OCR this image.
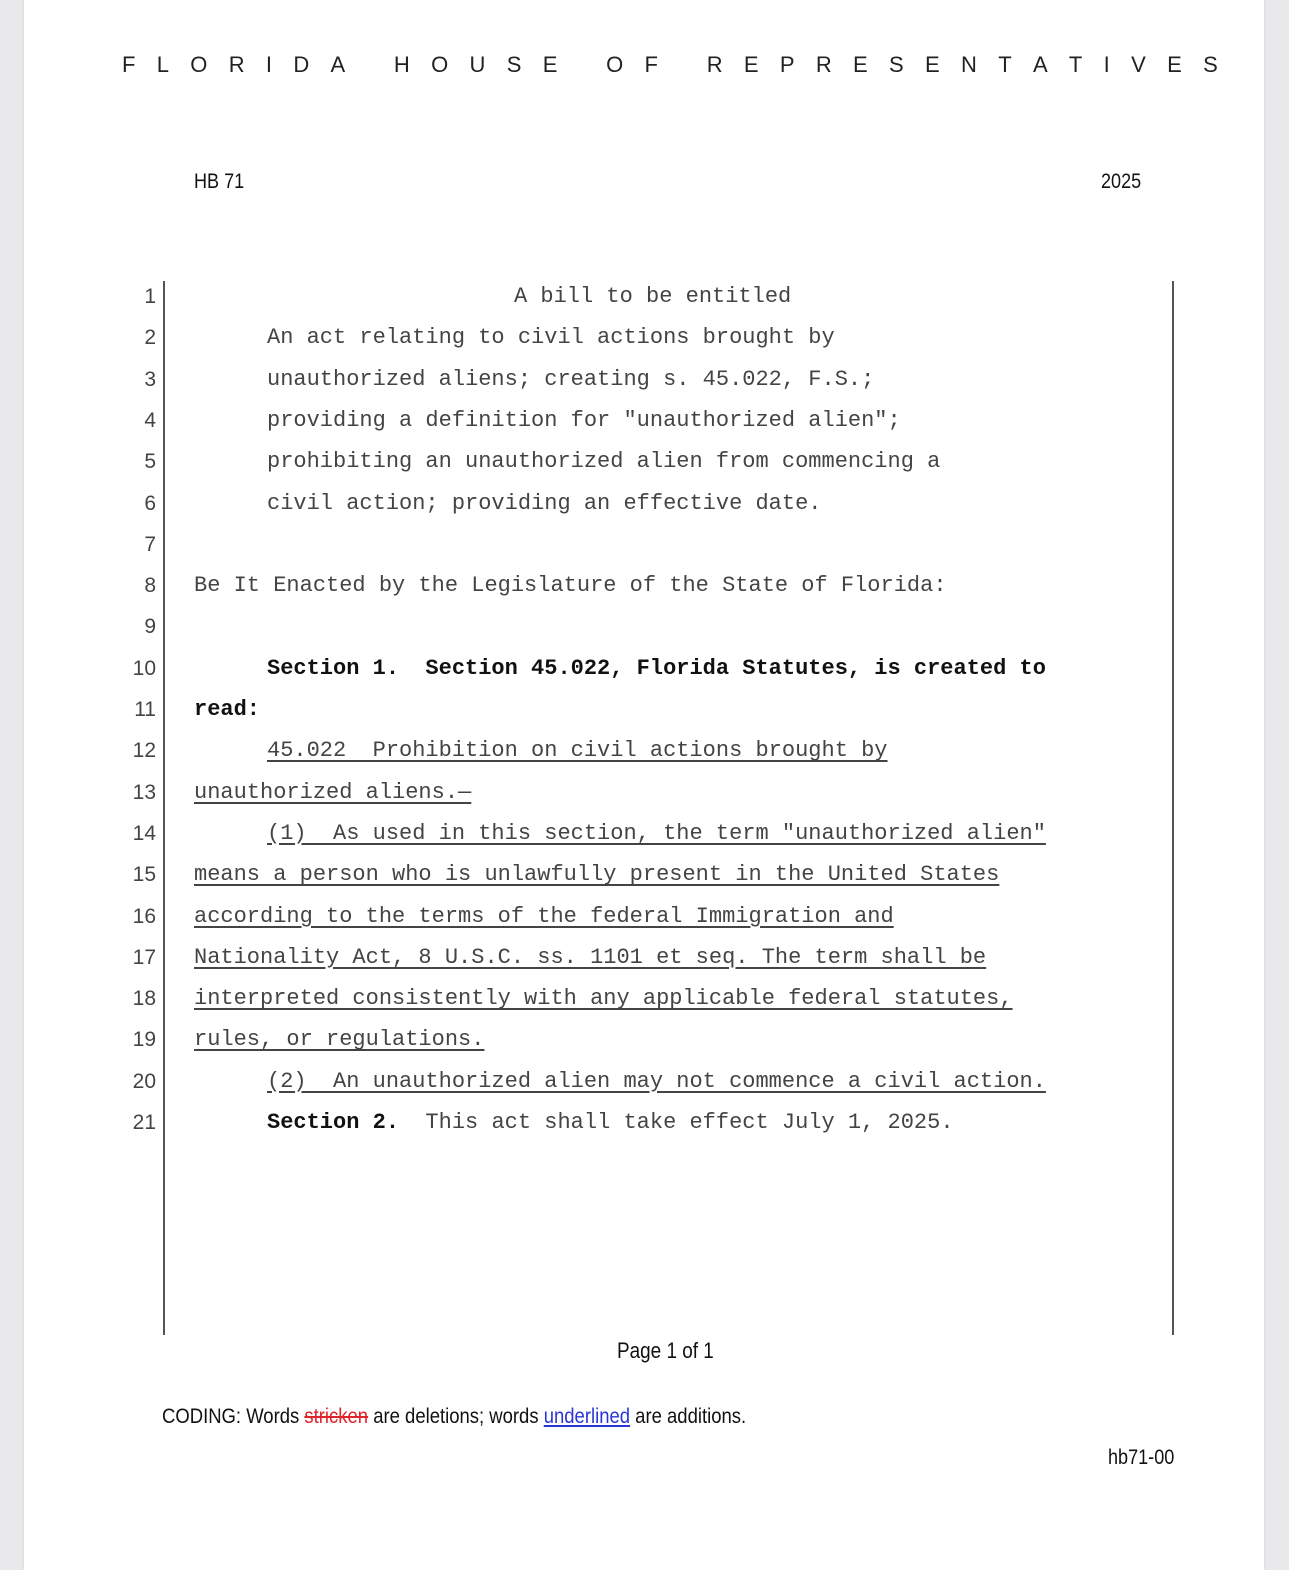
F L O R I D A
H O U S E
O F
R E P R E S E N T A T I V E S
HB 71	2025
1	A bill to be entitled
2	An act relating to civil actions brought by
3	unauthorized aliens; creating s. 45.022, F.S.;
4	providing a definition for "unauthorized alien";
5	prohibiting an unauthorized alien from commencing a
6	civil action; providing an effective date.
7
8 Be It Enacted by the Legislature of the State of Florida:
9
10	Section 1.  Section 45.022, Florida Statutes, is created to
11 read:
12	45.022  Prohibition on civil actions brought by
13 unauthorized aliens.—
14	(1)  As used in this section, the term "unauthorized alien"
15 means a person who is unlawfully present in the United States
16 according to the terms of the federal Immigration and
17 Nationality Act, 8 U.S.C. ss. 1101 et seq. The term shall be
18 interpreted consistently with any applicable federal statutes,
19 rules, or regulations.
20	(2)  An unauthorized alien may not commence a civil action.
21	Section 2.  This act shall take effect July 1, 2025.
Page 1 of 1
CODING: Words stricken are deletions; words underlined are additions.
hb71-00
